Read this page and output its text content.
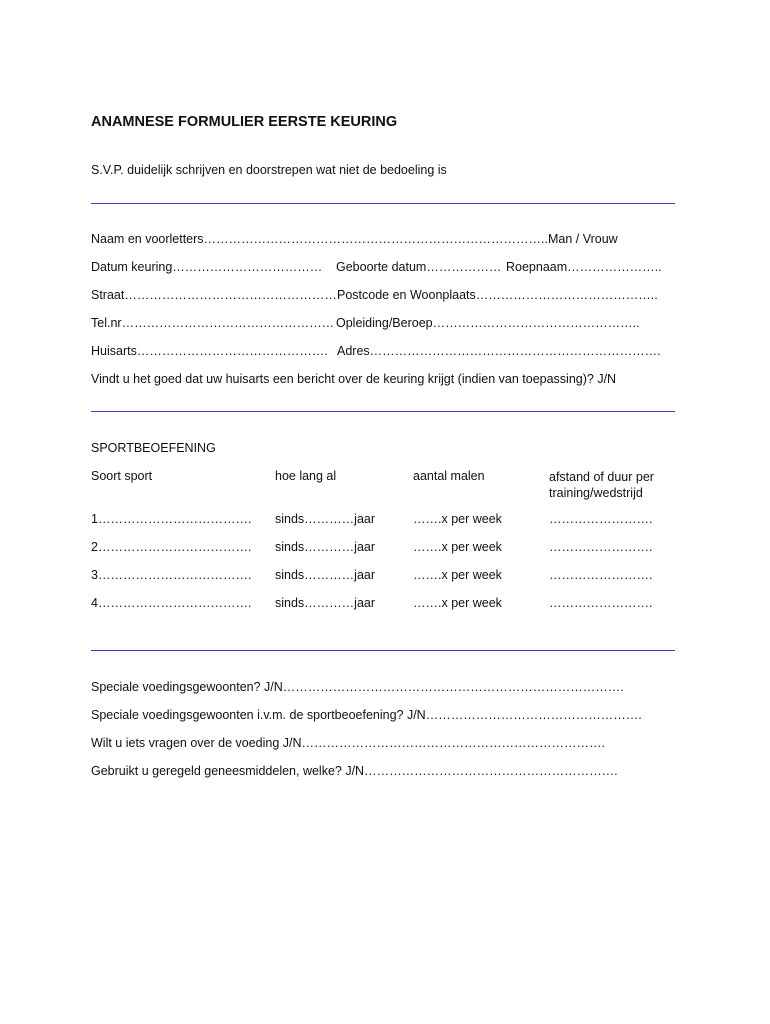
ANAMNESE FORMULIER EERSTE KEURING
S.V.P. duidelijk schrijven en doorstrepen wat niet de bedoeling is
Naam en voorletters………………………………………………………………………..Man / Vrouw
Datum keuring……………………………… Geboorte datum……………… Roepnaam…………………..
Straat…………………………………………… Postcode en Woonplaats……………………………………..
Tel.nr…………………………………………… Opleiding/Beroep…………………………………………..
Huisarts………………………………………. Adres…………………………………………………………….
Vindt u het goed dat uw huisarts een bericht over de keuring krijgt (indien van toepassing)? J/N
SPORTBEOEFENING
Soort sport	hoe lang al	aantal malen	afstand of duur per training/wedstrijd
1………………………………. sinds…………jaar	…….x per week	…………………….
2………………………………. sinds…………jaar	…….x per week	…………………….
3………………………………. sinds…………jaar	…….x per week	…………………….
4………………………………. sinds…………jaar	…….x per week	…………………….
Speciale voedingsgewoonten? J/N……………………………………………………………………….
Speciale voedingsgewoonten i.v.m. de sportbeoefening? J/N…………………………………………….
Wilt u iets vragen over de voeding J/N……………………………………………………………….
Gebruikt u geregeld geneesmiddelen, welke? J/N…………………………………………………….
